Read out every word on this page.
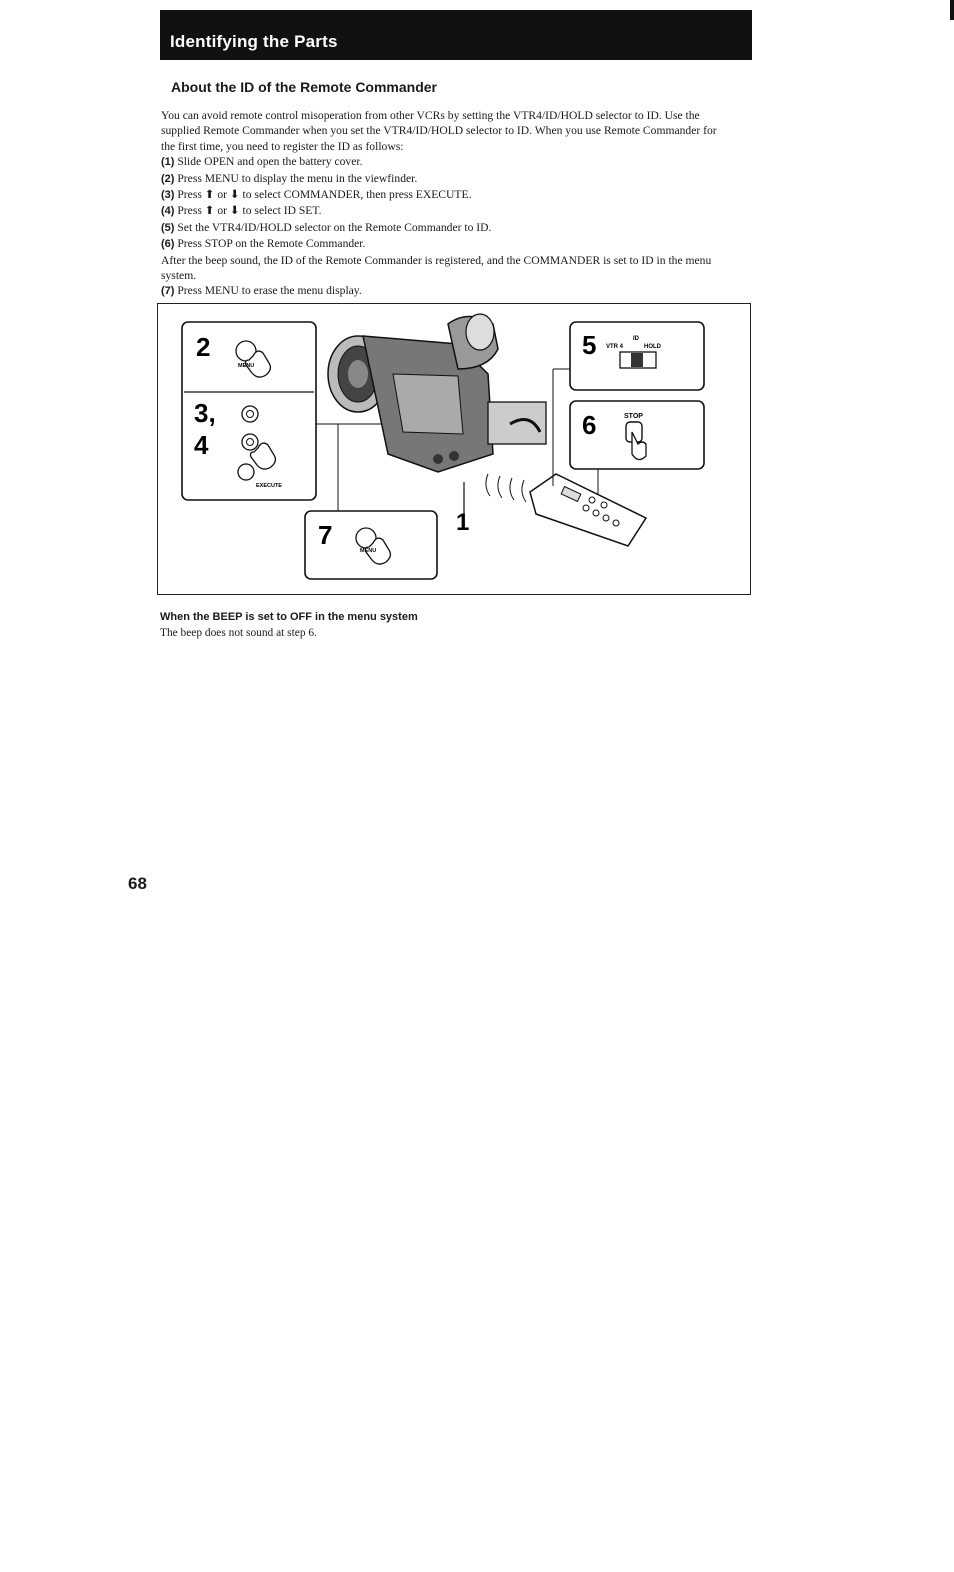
Identifying the Parts
About the ID of the Remote Commander

You can avoid remote control misoperation from other VCRs by setting the VTR4/ID/HOLD selector to ID. Use the supplied Remote Commander when you set the VTR4/ID/HOLD selector to ID. When you use Remote Commander for the first time, you need to register the ID as follows:

(1) Slide OPEN and open the battery cover.

(2) Press MENU to display the menu in the viewfinder.

(3) Press ⬆ or ⬇ to select COMMANDER, then press EXECUTE.

(4) Press ⬆ or ⬇ to select ID SET.

(5) Set the VTR4/ID/HOLD selector on the Remote Commander to ID.

(6) Press STOP on the Remote Commander.

After the beep sound, the ID of the Remote Commander is registered, and the COMMANDER is set to ID in the menu system.

(7) Press MENU to erase the menu display.

2
MENU
3,
4
EXECUTE
7
MENU
1
5 VTR 4
ID
HOLD
6	STOP
When the BEEP is set to OFF in the menu system
The beep does not sound at step 6.
68
